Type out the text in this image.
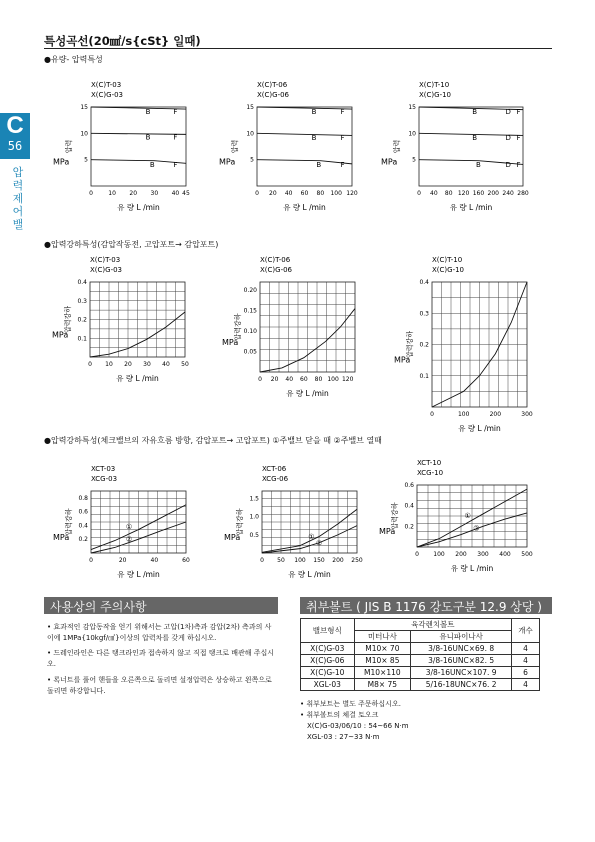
특성곡선(20㎟/s{cSt} 일때)
C
56
압
력
제
어
밸
●유량- 압력특성
●압력강하특성(감압작동전, 고압포트→ 감압포트)
●압력강하특성(체크밸브의 자유흐름 방향, 감압포트→ 고압포트) ①주밸브 닫을 때 ②주밸브 열때
X(C)T-03
X(C)G-03
0	10 20 30 40 45
5
10
15
유 량 L /min
압력
MPa
B	F
B	F
B	F
X(C)T-06
X(C)G-06
0 20 40 60 80 100 120
5
10
15
유 량 L /min
압력
MPa
B	F
B	F
B	F
X(C)T-10
X(C)G-10
0 40 80 120 160 200 240 280
5
10
15
유 량 L /min
압력
MPa
B	D F
B	D F
B	D F
X(C)T-03
X(C)G-03
0 10 20 30 40 50
0.1
0.2
0.3
0.4
유 량 L /min
압력강하
MPa
X(C)T-06
X(C)G-06
0 20 40 60 80 100 120
0.05
0.10
0.15
0.20
유 량 L /min
압력강하
MPa
X(C)T-10
X(C)G-10
0	100	200	300
0.1
0.2
0.3
0.4
유 량 L /min
압력강하
MPa
XCT-03
XCG-03
0	20	40	60
0.2
0.4
0.6
0.8
유 량 L /min
압력강하
MPa
①
②
XCT-06
XCG-06
0 50 100 150 200 250
0.5
1.0
1.5
유 량 L /min
압력강하
MPa	①
②
XCT-10
XCG-10
0 100 200 300 400 500
0.2
0.4
0.6
유 량 L /min
압력강하
MPa
①
②
사용상의 주의사항
• 효과적인 감압동작을 얻기 위해서는 고압(1차)측과 감압(2차) 측과의 사이에 1MPa{10kgf/㎠}이상의 압력차를 갖게 하십시오.
• 드레인라인은 다른 탱크라인과 접속하지 않고 직접 탱크로 배관해 주십시오.
• 록너트를 풀어 핸들을 오른쪽으로 돌리면 설정압력은 상승하고 왼쪽으로 돌리면 하강합니다.
취부볼트 ( JIS B 1176 강도구분 12.9 상당 )
밸브형식	육각렌치볼트		개수
	미터나사	유니파이나사	
X(C)G-03	M10× 70	3/8-16UNC×69. 8	4
X(C)G-06	M10× 85	3/8-16UNC×82. 5	4
X(C)G-10	M10×110	3/8-16UNC×107. 9	6
XGL-03	M8× 75	5/16-18UNC×76. 2	4
• 취부보트는 별도 주문하십시오.
• 취부볼트의 체결 토오크
X(C)G-03/06/10 : 54~66 N·m
XGL-03 : 27~33 N·m
